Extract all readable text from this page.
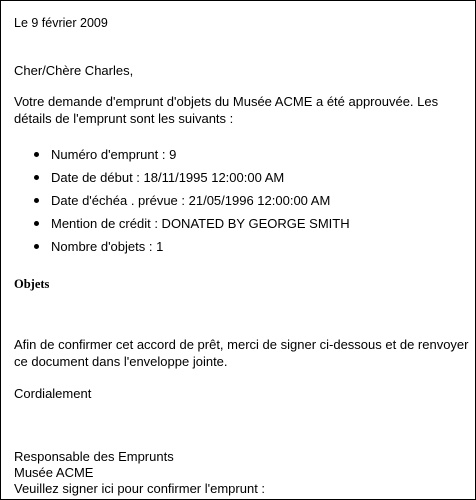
Le 9 février 2009

Cher/Chère Charles,

Votre demande d'emprunt d'objets du Musée ACME a été approuvée. Les détails de l'emprunt sont les suivants :

Numéro d'emprunt : 9
Date de début : 18/11/1995 12:00:00 AM
Date d'échéa . prévue : 21/05/1996 12:00:00 AM
Mention de crédit : DONATED BY GEORGE SMITH
Nombre d'objets : 1
Objets

Afin de confirmer cet accord de prêt, merci de signer ci-dessous et de renvoyer ce document dans l'enveloppe jointe.

Cordialement

Responsable des Emprunts

Musée ACME

Veuillez signer ici pour confirmer l'emprunt :
